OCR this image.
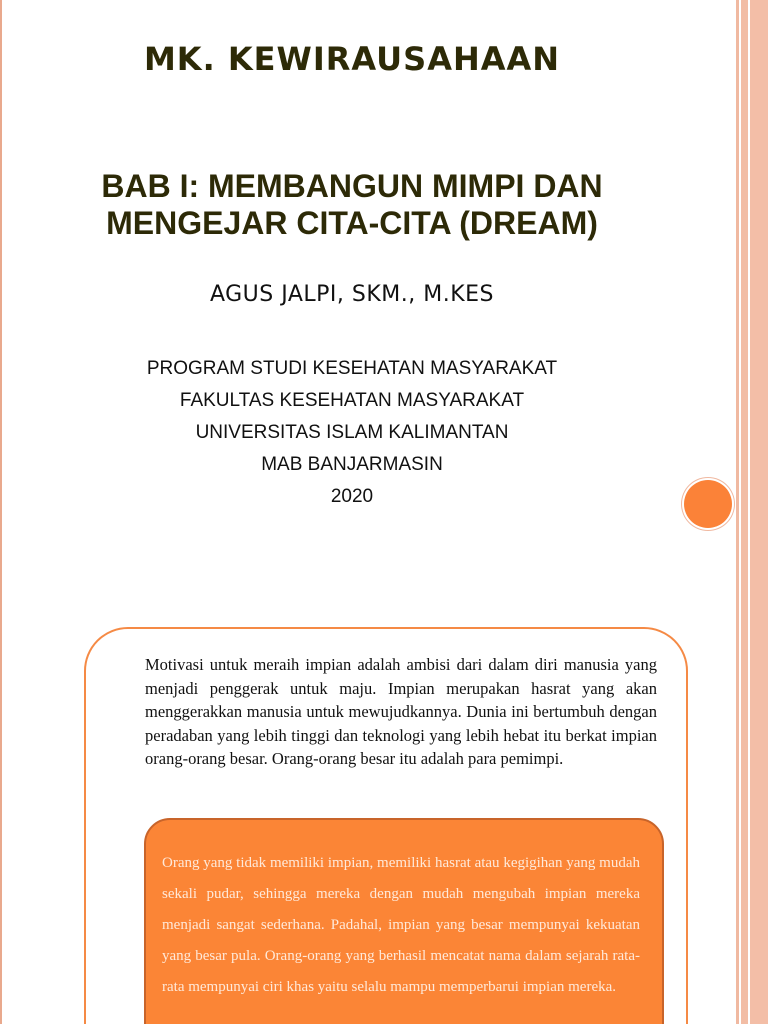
MK. KEWIRAUSAHAAN
BAB I: MEMBANGUN MIMPI DAN
MENGEJAR CITA-CITA (DREAM)
AGUS JALPI, SKM., M.KES
PROGRAM STUDI KESEHATAN MASYARAKAT
FAKULTAS KESEHATAN MASYARAKAT
UNIVERSITAS ISLAM KALIMANTAN
MAB BANJARMASIN
2020
Motivasi untuk meraih impian adalah ambisi dari dalam diri manusia yang menjadi penggerak untuk maju. Impian merupakan hasrat yang akan menggerakkan manusia untuk mewujudkannya. Dunia ini bertumbuh dengan peradaban yang lebih tinggi dan teknologi yang lebih hebat itu berkat impian orang-orang besar. Orang-orang besar itu adalah para pemimpi.
Orang yang tidak memiliki impian, memiliki hasrat atau kegigihan yang mudah sekali pudar, sehingga mereka dengan mudah mengubah impian mereka menjadi sangat sederhana. Padahal, impian yang besar mempunyai kekuatan yang besar pula. Orang-orang yang berhasil mencatat nama dalam sejarah rata-rata mempunyai ciri khas yaitu selalu mampu memperbarui impian mereka.
